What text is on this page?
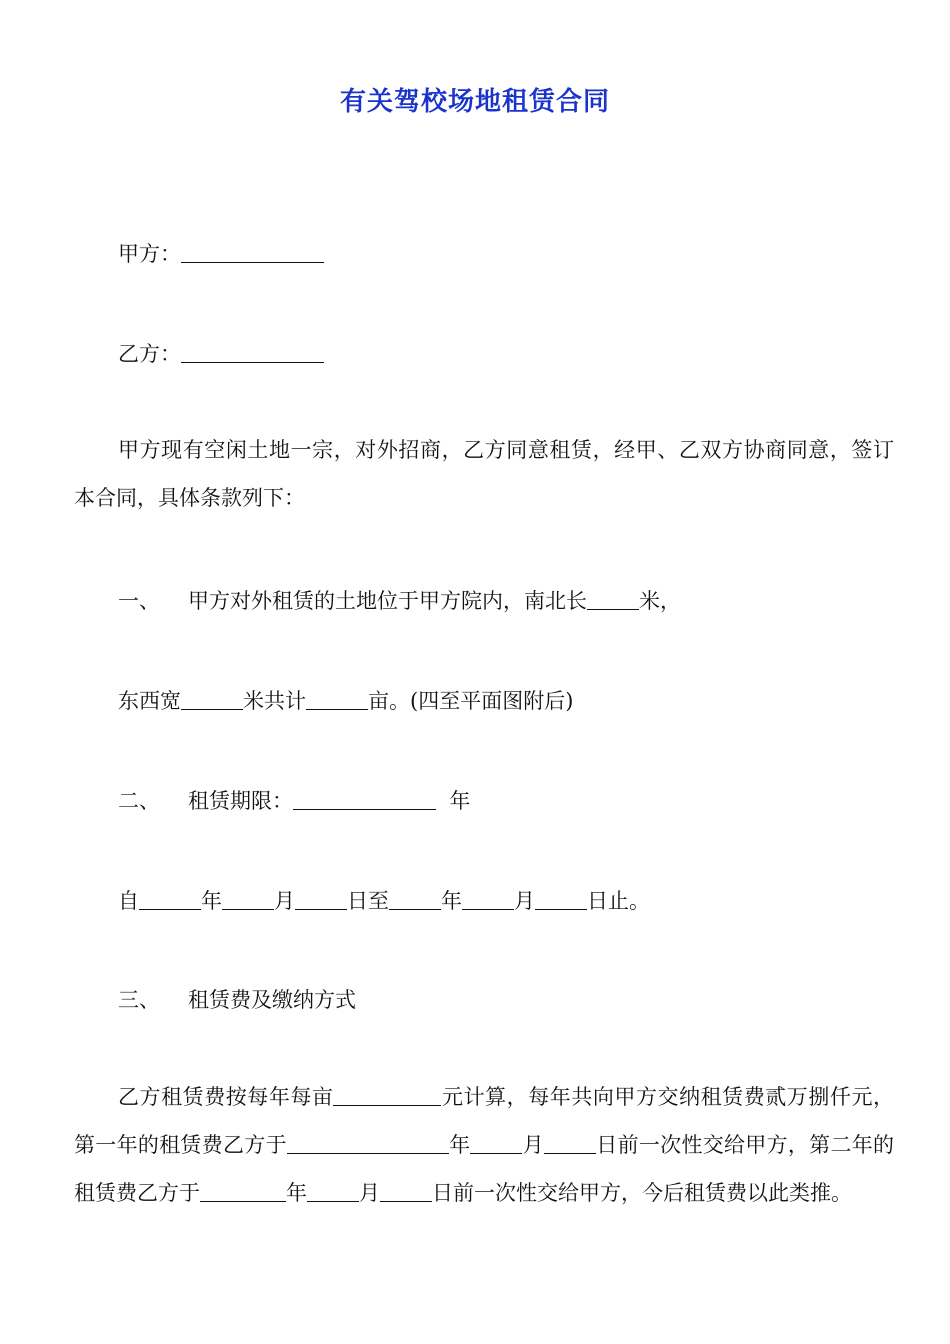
有关驾校场地租赁合同
甲方：
乙方：

甲方现有空闲土地一宗，对外招商，乙方同意租赁，经甲、乙双方协商同意，签订本合同，具体条款列下：

一、 甲方对外租赁的土地位于甲方院内，南北长 米，
东西宽	米共计	亩。(四至平面图附后)
二、 租赁期限：	年
自	年 月 日至 年 月 日止。
三、 租赁费及缴纳方式

乙方租赁费按每年每亩	元计算，每年共向甲方交纳租赁费贰万捌仟元，第一年的租赁费乙方于	年 月 日前一次性交给甲方，第二年的租赁费乙方于	年 月 日前一次性交给甲方，今后租赁费以此类推。
